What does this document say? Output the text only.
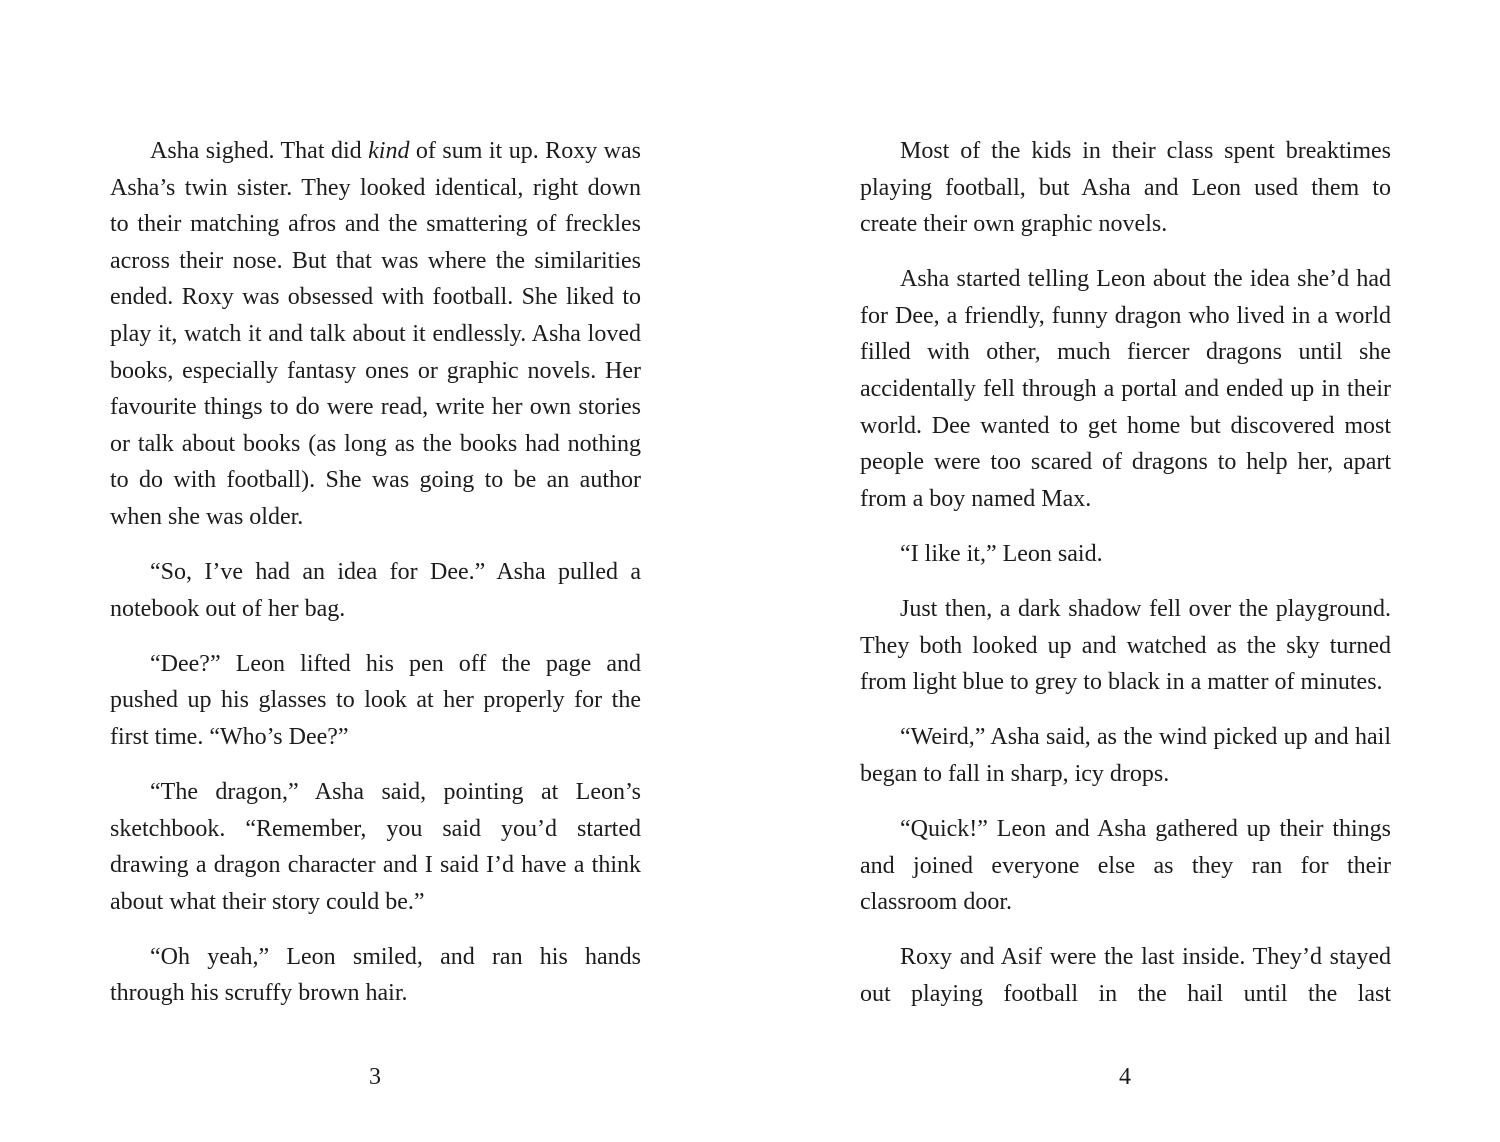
Asha sighed. That did kind of sum it up. Roxy was Asha’s twin sister. They looked identical, right down to their matching afros and the smattering of freckles across their nose. But that was where the similarities ended. Roxy was obsessed with football. She liked to play it, watch it and talk about it endlessly. Asha loved books, especially fantasy ones or graphic novels. Her favourite things to do were read, write her own stories or talk about books (as long as the books had nothing to do with football). She was going to be an author when she was older.

“So, I’ve had an idea for Dee.” Asha pulled a notebook out of her bag.

“Dee?” Leon lifted his pen off the page and pushed up his glasses to look at her properly for the first time. “Who’s Dee?”

“The dragon,” Asha said, pointing at Leon’s sketchbook. “Remember, you said you’d started drawing a dragon character and I said I’d have a think about what their story could be.”

“Oh yeah,” Leon smiled, and ran his hands through his scruffy brown hair.

3

Most of the kids in their class spent breaktimes playing football, but Asha and Leon used them to create their own graphic novels.

Asha started telling Leon about the idea she’d had for Dee, a friendly, funny dragon who lived in a world filled with other, much fiercer dragons until she accidentally fell through a portal and ended up in their world. Dee wanted to get home but discovered most people were too scared of dragons to help her, apart from a boy named Max.

“I like it,” Leon said.

Just then, a dark shadow fell over the playground. They both looked up and watched as the sky turned from light blue to grey to black in a matter of minutes.

“Weird,” Asha said, as the wind picked up and hail began to fall in sharp, icy drops.

“Quick!” Leon and Asha gathered up their things and joined everyone else as they ran for their classroom door.

Roxy and Asif were the last inside. They’d stayed out playing football in the hail until the last

4
